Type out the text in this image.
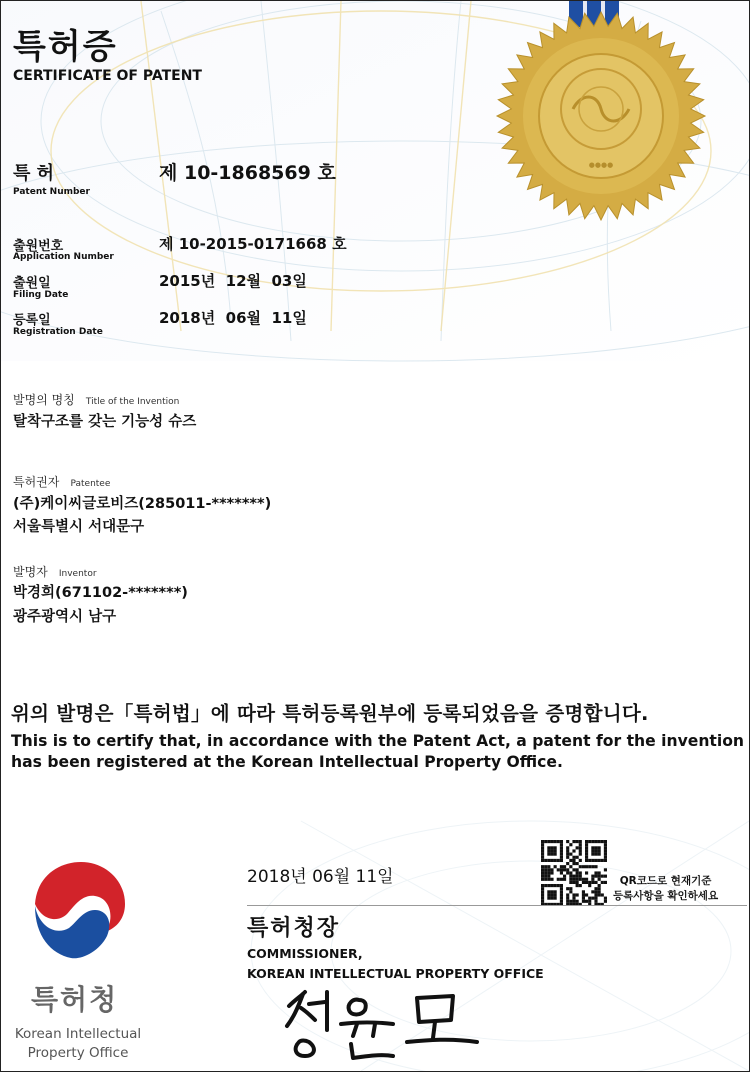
●●●●
특허증
CERTIFICATE OF PATENT
특 허
Patent Number
제 10-1868569 호
출원번호
Application Number
제 10-2015-0171668 호
출원일
Filing Date
2015년  12월  03일
등록일
Registration Date
2018년  06월  11일
발명의 명칭 Title of the Invention
탈착구조를 갖는 기능성 슈즈
특허권자 Patentee
(주)케이씨글로비즈(285011-*******)
서울특별시 서대문구
발명자 Inventor
박경희(671102-*******)
광주광역시 남구
위의 발명은「특허법」에 따라 특허등록원부에 등록되었음을 증명합니다.
This is to certify that, in accordance with the Patent Act, a patent for the invention
has been registered at the Korean Intellectual Property Office.
2018년 06월 11일	QR코드로 현재기준
등록사항을 확인하세요
특허청장
COMMISSIONER,
KOREAN INTELLECTUAL PROPERTY OFFICE
특허청
Korean Intellectual
Property Office
